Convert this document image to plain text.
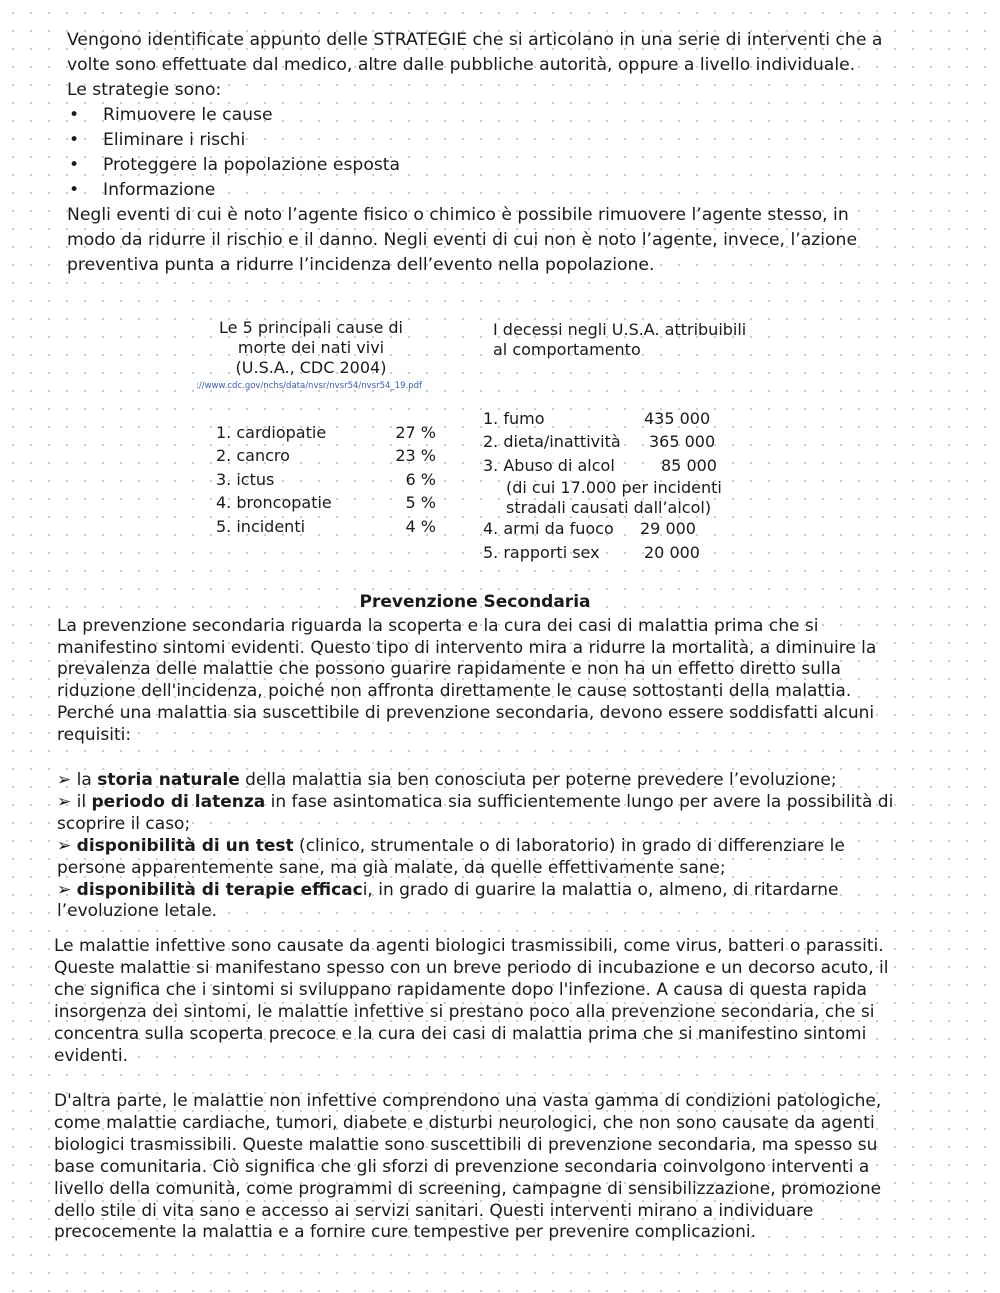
Vengono identificate appunto delle STRATEGIE che si articolano in una serie di interventi che a
volte sono effettuate dal medico, altre dalle pubbliche autorità, oppure a livello individuale.
Le strategie sono:
• Rimuovere le cause
• Eliminare i rischi
• Proteggere la popolazione esposta
• Informazione
Negli eventi di cui è noto l’agente fisico o chimico è possibile rimuovere l’agente stesso, in
modo da ridurre il rischio e il danno. Negli eventi di cui non è noto l’agente, invece, l’azione
preventiva punta a ridurre l’incidenza dell’evento nella popolazione.
Le 5 principali cause di
morte dei nati vivi
(U.S.A., CDC 2004)
://www.cdc.gov/nchs/data/nvsr/nvsr54/nvsr54_19.pdf
1. cardiopatie	27 %
2. cancro	23 %
3. ictus	6 %
4. broncopatie	5 %
5. incidenti	4 %
I decessi negli U.S.A. attribuibili
al comportamento
1. fumo	435 000
2. dieta/inattività	365 000
3. Abuso di alcol	85 000
(di cui 17.000 per incidenti
stradali causati dall’alcol)
4. armi da fuoco	29 000
5. rapporti sex	20 000
Prevenzione Secondaria
La prevenzione secondaria riguarda la scoperta e la cura dei casi di malattia prima che si
manifestino sintomi evidenti. Questo tipo di intervento mira a ridurre la mortalità, a diminuire la
prevalenza delle malattie che possono guarire rapidamente e non ha un effetto diretto sulla
riduzione dell'incidenza, poiché non affronta direttamente le cause sottostanti della malattia.
Perché una malattia sia suscettibile di prevenzione secondaria, devono essere soddisfatti alcuni
requisiti:
➢ la storia naturale della malattia sia ben conosciuta per poterne prevedere l’evoluzione;
➢ il periodo di latenza in fase asintomatica sia sufficientemente lungo per avere la possibilità di
scoprire il caso;
➢ disponibilità di un test (clinico, strumentale o di laboratorio) in grado di differenziare le
persone apparentemente sane, ma già malate, da quelle effettivamente sane;
➢ disponibilità di terapie efficaci, in grado di guarire la malattia o, almeno, di ritardarne
l’evoluzione letale.
Le malattie infettive sono causate da agenti biologici trasmissibili, come virus, batteri o parassiti.
Queste malattie si manifestano spesso con un breve periodo di incubazione e un decorso acuto, il
che significa che i sintomi si sviluppano rapidamente dopo l'infezione. A causa di questa rapida
insorgenza dei sintomi, le malattie infettive si prestano poco alla prevenzione secondaria, che si
concentra sulla scoperta precoce e la cura dei casi di malattia prima che si manifestino sintomi
evidenti.
D'altra parte, le malattie non infettive comprendono una vasta gamma di condizioni patologiche,
come malattie cardiache, tumori, diabete e disturbi neurologici, che non sono causate da agenti
biologici trasmissibili. Queste malattie sono suscettibili di prevenzione secondaria, ma spesso su
base comunitaria. Ciò significa che gli sforzi di prevenzione secondaria coinvolgono interventi a
livello della comunità, come programmi di screening, campagne di sensibilizzazione, promozione
dello stile di vita sano e accesso ai servizi sanitari. Questi interventi mirano a individuare
precocemente la malattia e a fornire cure tempestive per prevenire complicazioni.
